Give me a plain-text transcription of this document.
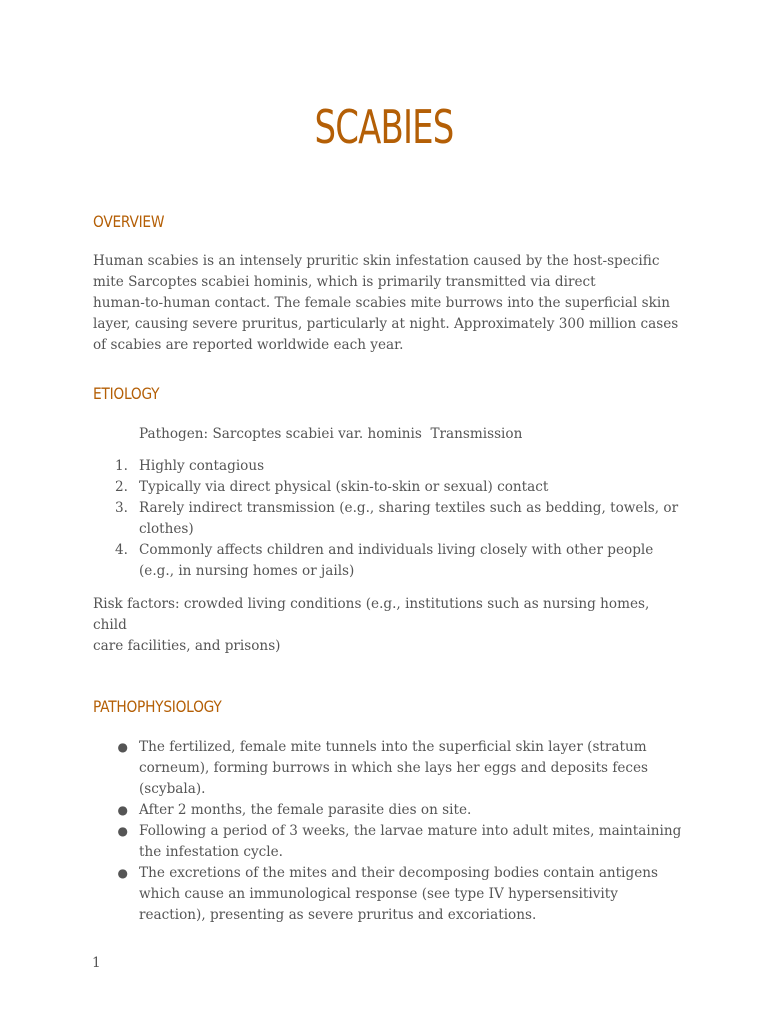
SCABIES
OVERVIEW

Human scabies is an intensely pruritic skin infestation caused by the host-specific
mite Sarcoptes scabiei hominis, which is primarily transmitted via direct
human-to-human contact. The female scabies mite burrows into the superficial skin
layer, causing severe pruritus, particularly at night. Approximately 300 million cases
of scabies are reported worldwide each year.

ETIOLOGY

Pathogen: Sarcoptes scabiei var. hominis  Transmission

1. Highly contagious
2. Typically via direct physical (skin-to-skin or sexual) contact
3. Rarely indirect transmission (e.g., sharing textiles such as bedding, towels, or
clothes)
4. Commonly affects children and individuals living closely with other people
(e.g., in nursing homes or jails)

Risk factors: crowded living conditions (e.g., institutions such as nursing homes, child
care facilities, and prisons)

PATHOPHYSIOLOGY
● The fertilized, female mite tunnels into the superficial skin layer (stratum
corneum), forming burrows in which she lays her eggs and deposits feces
(scybala).
● After 2 months, the female parasite dies on site.
● Following a period of 3 weeks, the larvae mature into adult mites, maintaining
the infestation cycle.
● The excretions of the mites and their decomposing bodies contain antigens
which cause an immunological response (see type IV hypersensitivity
reaction), presenting as severe pruritus and excoriations.

1
